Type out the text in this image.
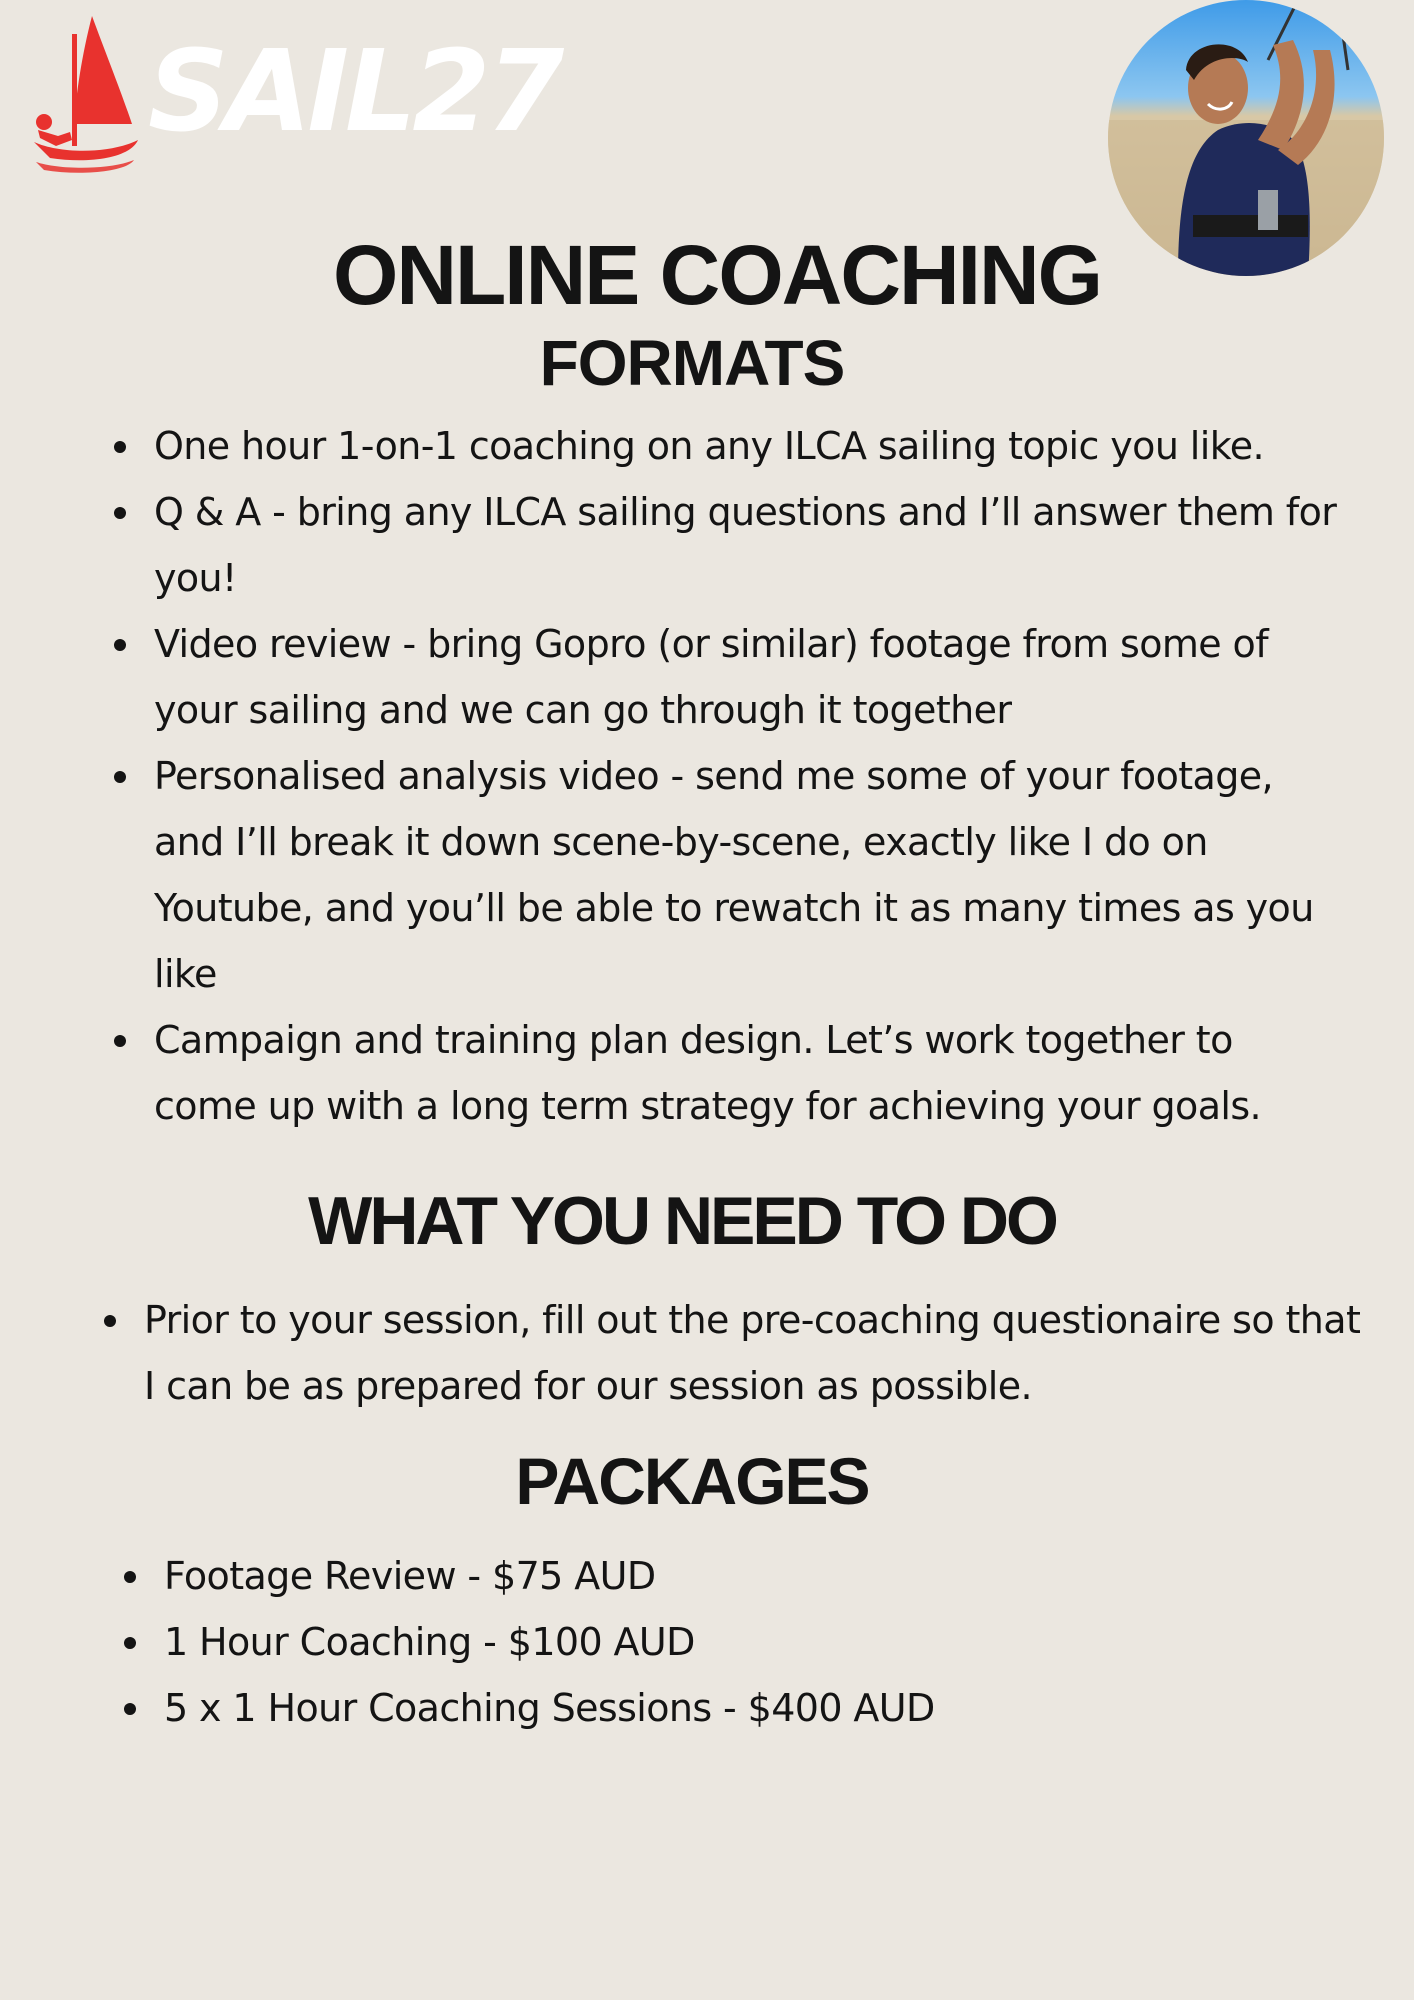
SAIL27
ONLINE COACHING
FORMATS
One hour 1-on-1 coaching on any ILCA sailing topic you like.
Q & A - bring any ILCA sailing questions and I’ll answer them for you!
Video review - bring Gopro (or similar) footage from some of your sailing and we can go through it together
Personalised analysis video - send me some of your footage, and I’ll break it down scene-by-scene, exactly like I do on Youtube, and you’ll be able to rewatch it as many times as you like
Campaign and training plan design. Let’s work together to come up with a long term strategy for achieving your goals.
WHAT YOU NEED TO DO
Prior to your session, fill out the pre-coaching questionaire so that I can be as prepared for our session as possible.
PACKAGES
Footage Review - $75 AUD
1 Hour Coaching - $100 AUD
5 x 1 Hour Coaching Sessions - $400 AUD
